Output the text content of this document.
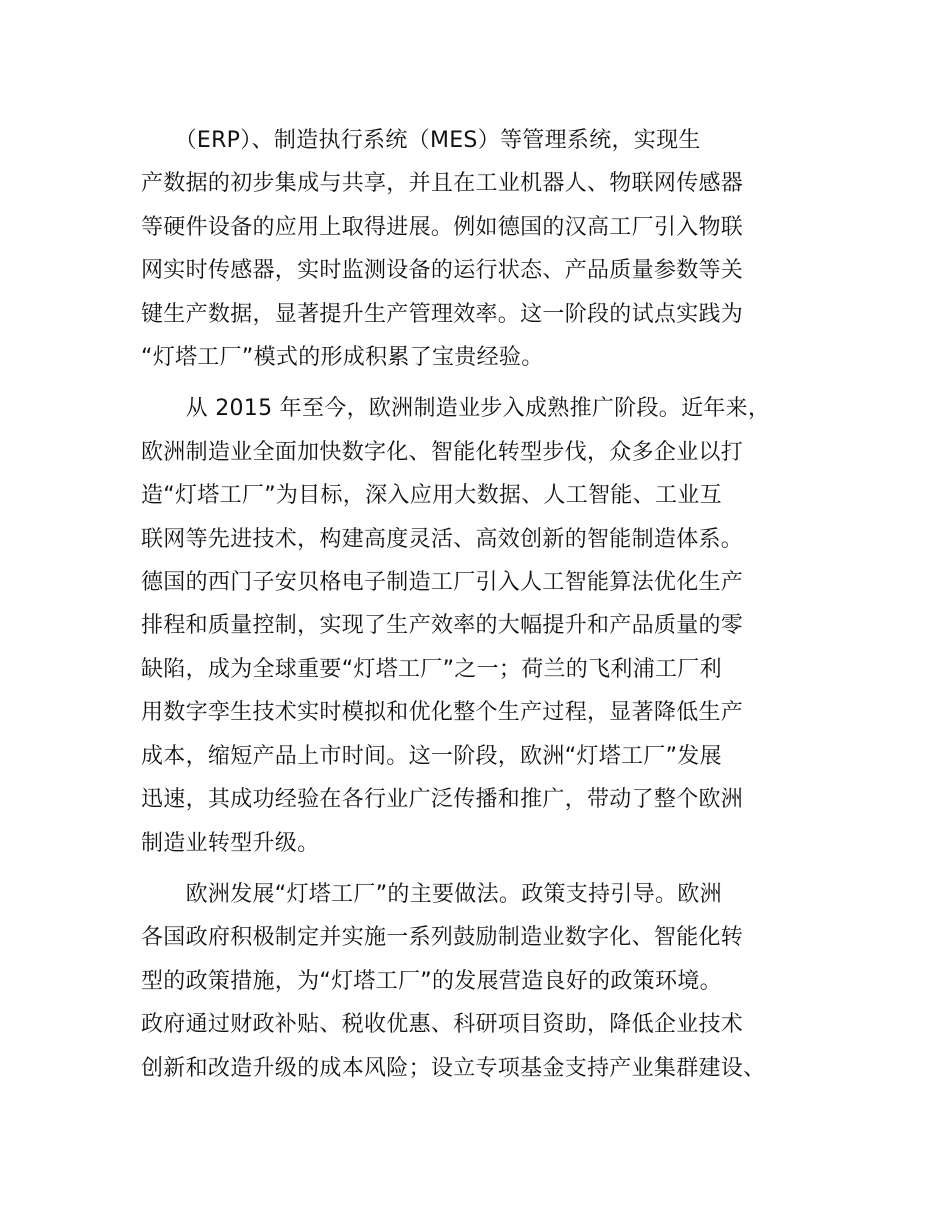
　　（ERP）、制造执行系统（MES）等管理系统，实现生
产数据的初步集成与共享，并且在工业机器人、物联网传感器
等硬件设备的应用上取得进展。例如德国的汉高工厂引入物联
网实时传感器，实时监测设备的运行状态、产品质量参数等关
键生产数据，显著提升生产管理效率。这一阶段的试点实践为
“灯塔工厂”模式的形成积累了宝贵经验。
　　从 2015 年至今，欧洲制造业步入成熟推广阶段。近年来，
欧洲制造业全面加快数字化、智能化转型步伐，众多企业以打
造“灯塔工厂”为目标，深入应用大数据、人工智能、工业互
联网等先进技术，构建高度灵活、高效创新的智能制造体系。
德国的西门子安贝格电子制造工厂引入人工智能算法优化生产
排程和质量控制，实现了生产效率的大幅提升和产品质量的零
缺陷，成为全球重要“灯塔工厂”之一；荷兰的飞利浦工厂利
用数字孪生技术实时模拟和优化整个生产过程，显著降低生产
成本，缩短产品上市时间。这一阶段，欧洲“灯塔工厂”发展
迅速，其成功经验在各行业广泛传播和推广，带动了整个欧洲
制造业转型升级。
　　欧洲发展“灯塔工厂”的主要做法。政策支持引导。欧洲
各国政府积极制定并实施一系列鼓励制造业数字化、智能化转
型的政策措施，为“灯塔工厂”的发展营造良好的政策环境。
政府通过财政补贴、税收优惠、科研项目资助，降低企业技术
创新和改造升级的成本风险；设立专项基金支持产业集群建设、
